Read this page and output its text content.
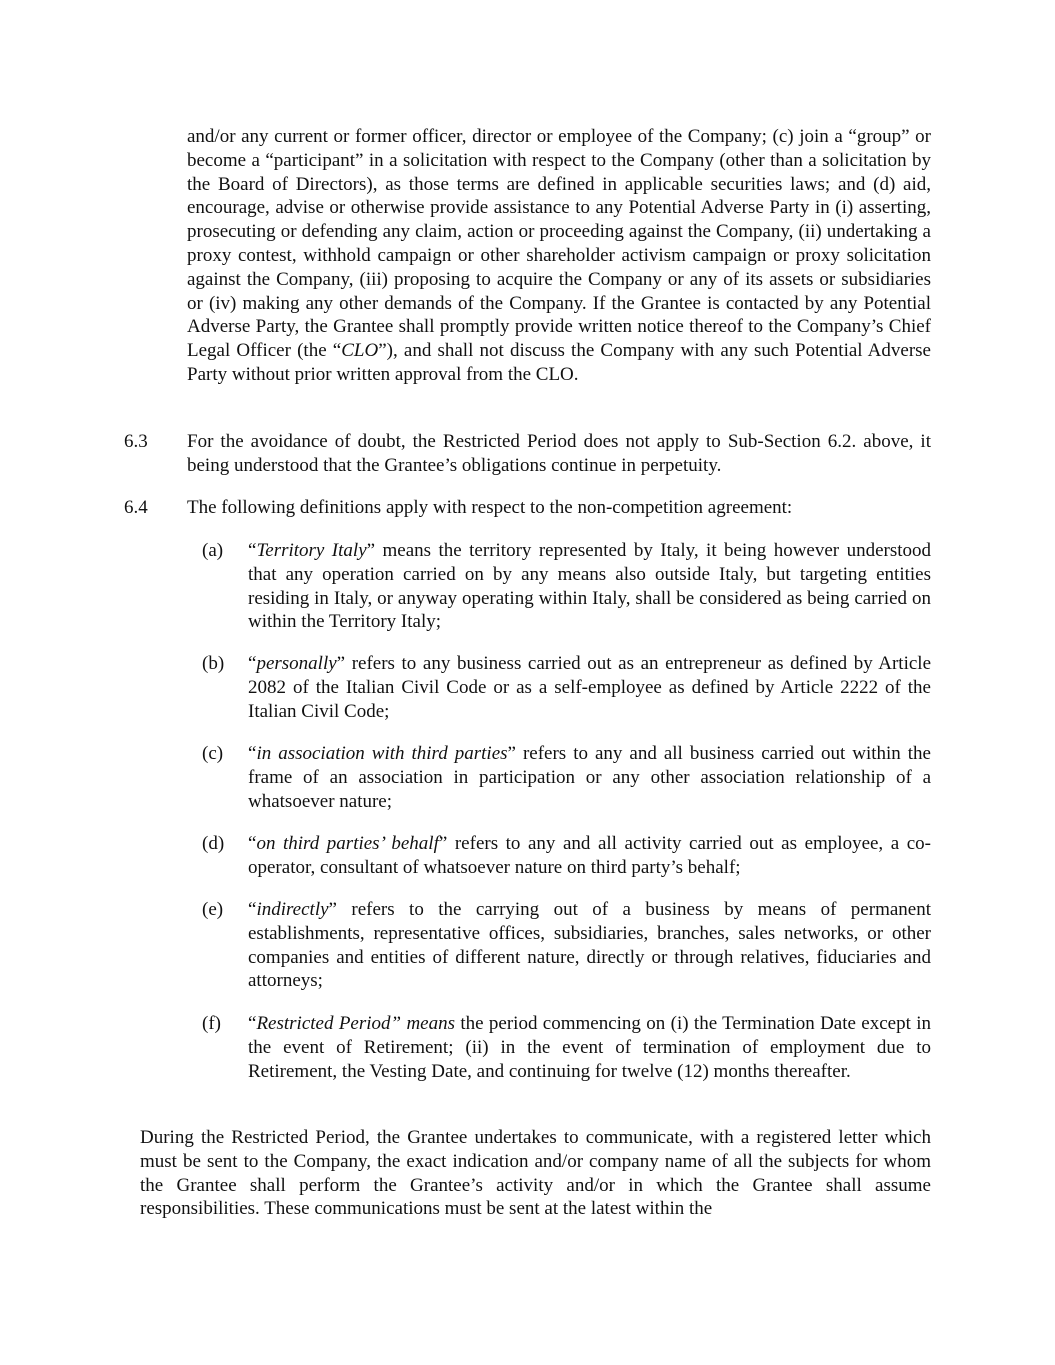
and/or any current or former officer, director or employee of the Company; (c) join a “group” or become a “participant” in a solicitation with respect to the Company (other than a solicitation by the Board of Directors), as those terms are defined in applicable securities laws; and (d) aid, encourage, advise or otherwise provide assistance to any Potential Adverse Party in (i) asserting, prosecuting or defending any claim, action or proceeding against the Company, (ii) undertaking a proxy contest, withhold campaign or other shareholder activism campaign or proxy solicitation against the Company, (iii) proposing to acquire the Company or any of its assets or subsidiaries or (iv) making any other demands of the Company. If the Grantee is contacted by any Potential Adverse Party, the Grantee shall promptly provide written notice thereof to the Company’s Chief Legal Officer (the “CLO”), and shall not discuss the Company with any such Potential Adverse Party without prior written approval from the CLO.
6.3	For the avoidance of doubt, the Restricted Period does not apply to Sub-Section 6.2. above, it being understood that the Grantee’s obligations continue in perpetuity.
6.4	The following definitions apply with respect to the non-competition agreement:
(a)	“Territory Italy” means the territory represented by Italy, it being however understood that any operation carried on by any means also outside Italy, but targeting entities residing in Italy, or anyway operating within Italy, shall be considered as being carried on within the Territory Italy;
(b)	“personally” refers to any business carried out as an entrepreneur as defined by Article 2082 of the Italian Civil Code or as a self-employee as defined by Article 2222 of the Italian Civil Code;
(c)	“in association with third parties” refers to any and all business carried out within the frame of an association in participation or any other association relationship of a whatsoever nature;
(d)	“on third parties’ behalf” refers to any and all activity carried out as employee, a co-operator, consultant of whatsoever nature on third party’s behalf;
(e)	“indirectly” refers to the carrying out of a business by means of permanent establishments, representative offices, subsidiaries, branches, sales networks, or other companies and entities of different nature, directly or through relatives, fiduciaries and attorneys;
(f)	“Restricted Period” means the period commencing on (i) the Termination Date except in the event of Retirement; (ii) in the event of termination of employment due to Retirement, the Vesting Date, and continuing for twelve (12) months thereafter.
During the Restricted Period, the Grantee undertakes to communicate, with a registered letter which must be sent to the Company, the exact indication and/or company name of all the subjects for whom the Grantee shall perform the Grantee’s activity and/or in which the Grantee shall assume responsibilities. These communications must be sent at the latest within the
